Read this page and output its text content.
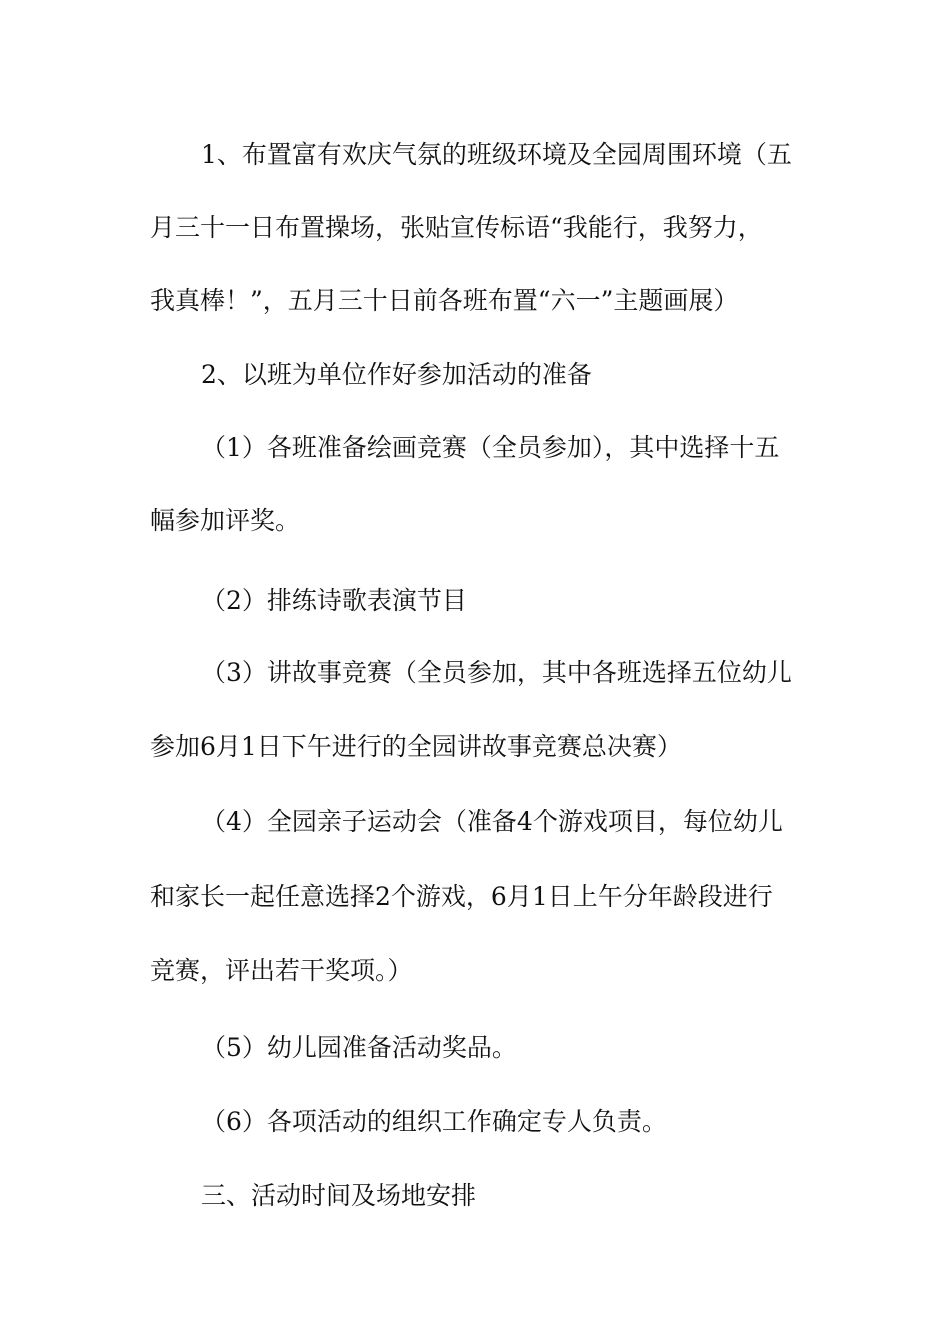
1、布置富有欢庆气氛的班级环境及全园周围环境（五
月三十一日布置操场，张贴宣传标语“我能行，我努力，
我真棒！”，五月三十日前各班布置“六一”主题画展）
2、以班为单位作好参加活动的准备
（1）各班准备绘画竞赛（全员参加），其中选择十五
幅参加评奖。
（2）排练诗歌表演节目
（3）讲故事竞赛（全员参加，其中各班选择五位幼儿
参加6月1日下午进行的全园讲故事竞赛总决赛）
（4）全园亲子运动会（准备4个游戏项目，每位幼儿
和家长一起任意选择2个游戏，6月1日上午分年龄段进行
竞赛，评出若干奖项。）
（5）幼儿园准备活动奖品。
（6）各项活动的组织工作确定专人负责。
三、活动时间及场地安排
